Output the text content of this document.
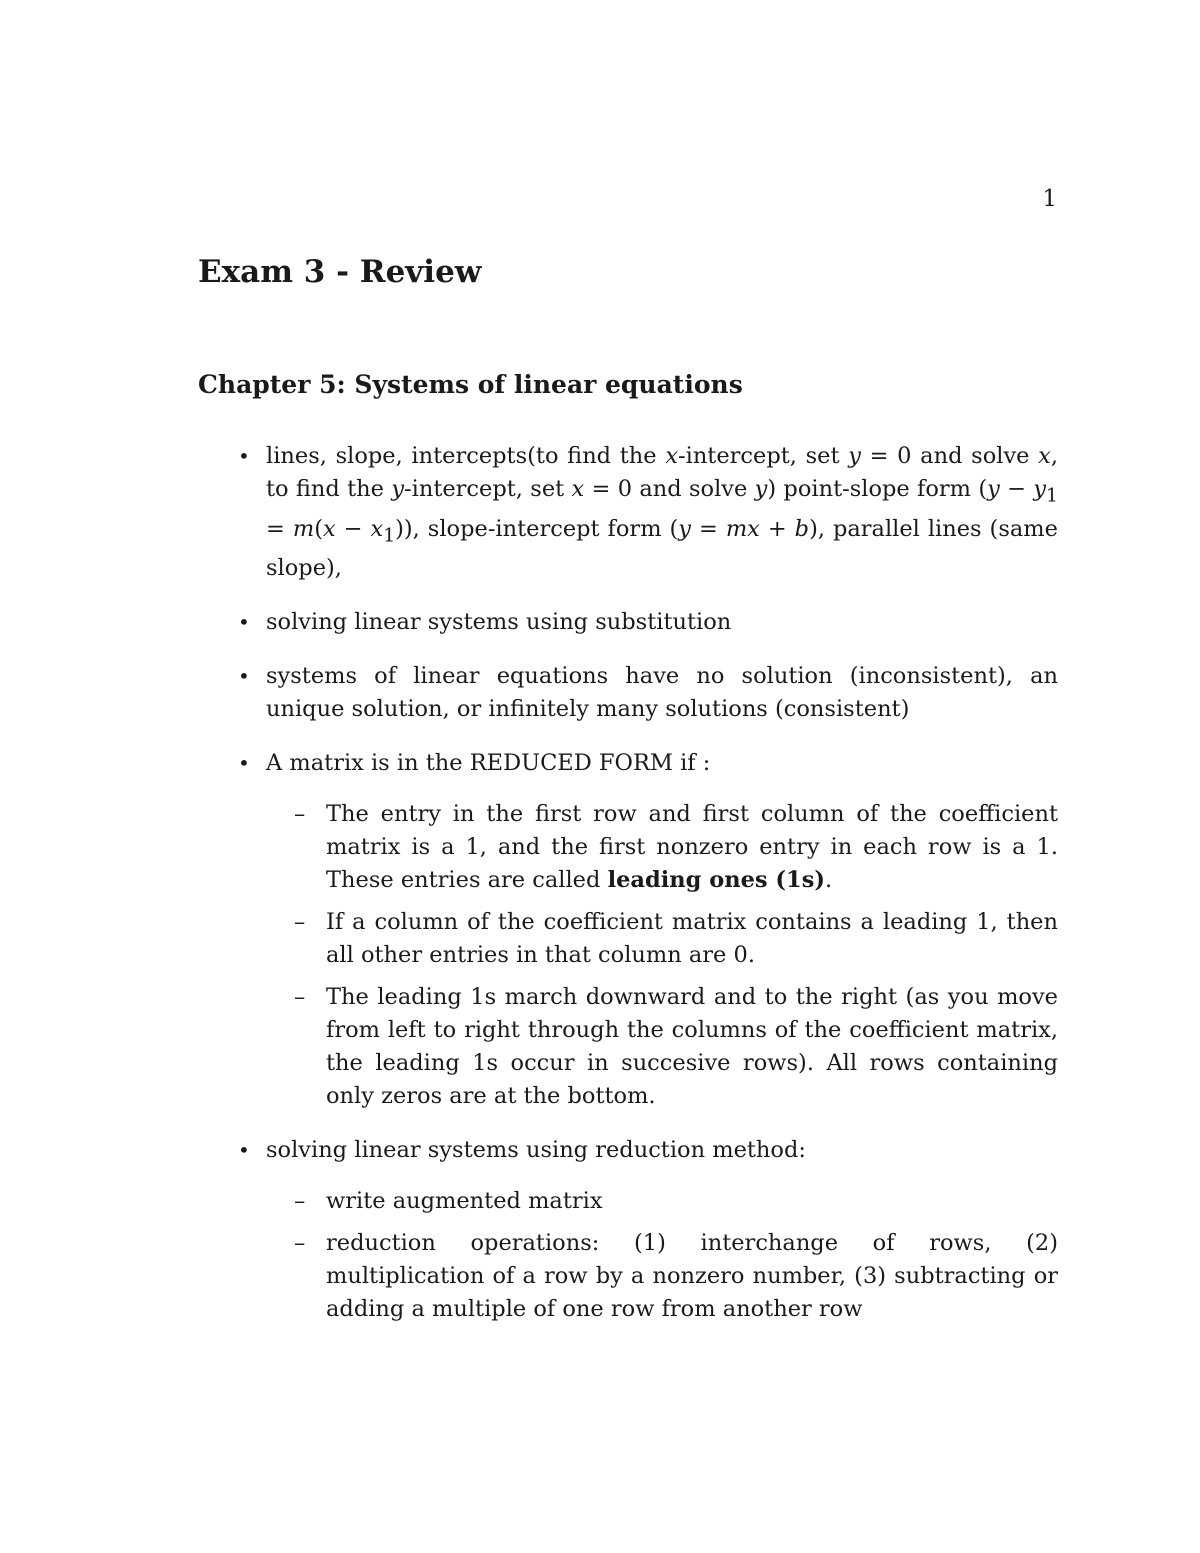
1
Exam 3 - Review
Chapter 5: Systems of linear equations
• lines, slope, intercepts(to find the x-intercept, set y = 0 and solve x, to find the y-intercept, set x = 0 and solve y) point-slope form $(y - y_1 = m(x - x_1))$, slope-intercept form (y = mx + b), parallel lines (same slope),
• solving linear systems using substitution
• systems of linear equations have no solution (inconsistent), an unique solution, or infinitely many solutions (consistent)
• A matrix is in the REDUCED FORM if :
– The entry in the first row and first column of the coefficient matrix is a 1, and the first nonzero entry in each row is a 1. These entries are called leading ones (1s).
– If a column of the coefficient matrix contains a leading 1, then all other entries in that column are 0.
– The leading 1s march downward and to the right (as you move from left to right through the columns of the coefficient matrix, the leading 1s occur in succesive rows). All rows containing only zeros are at the bottom.
• solving linear systems using reduction method:
– write augmented matrix
– reduction operations: (1) interchange of rows, (2) multiplication of a row by a nonzero number, (3) subtracting or adding a multiple of one row from another row
